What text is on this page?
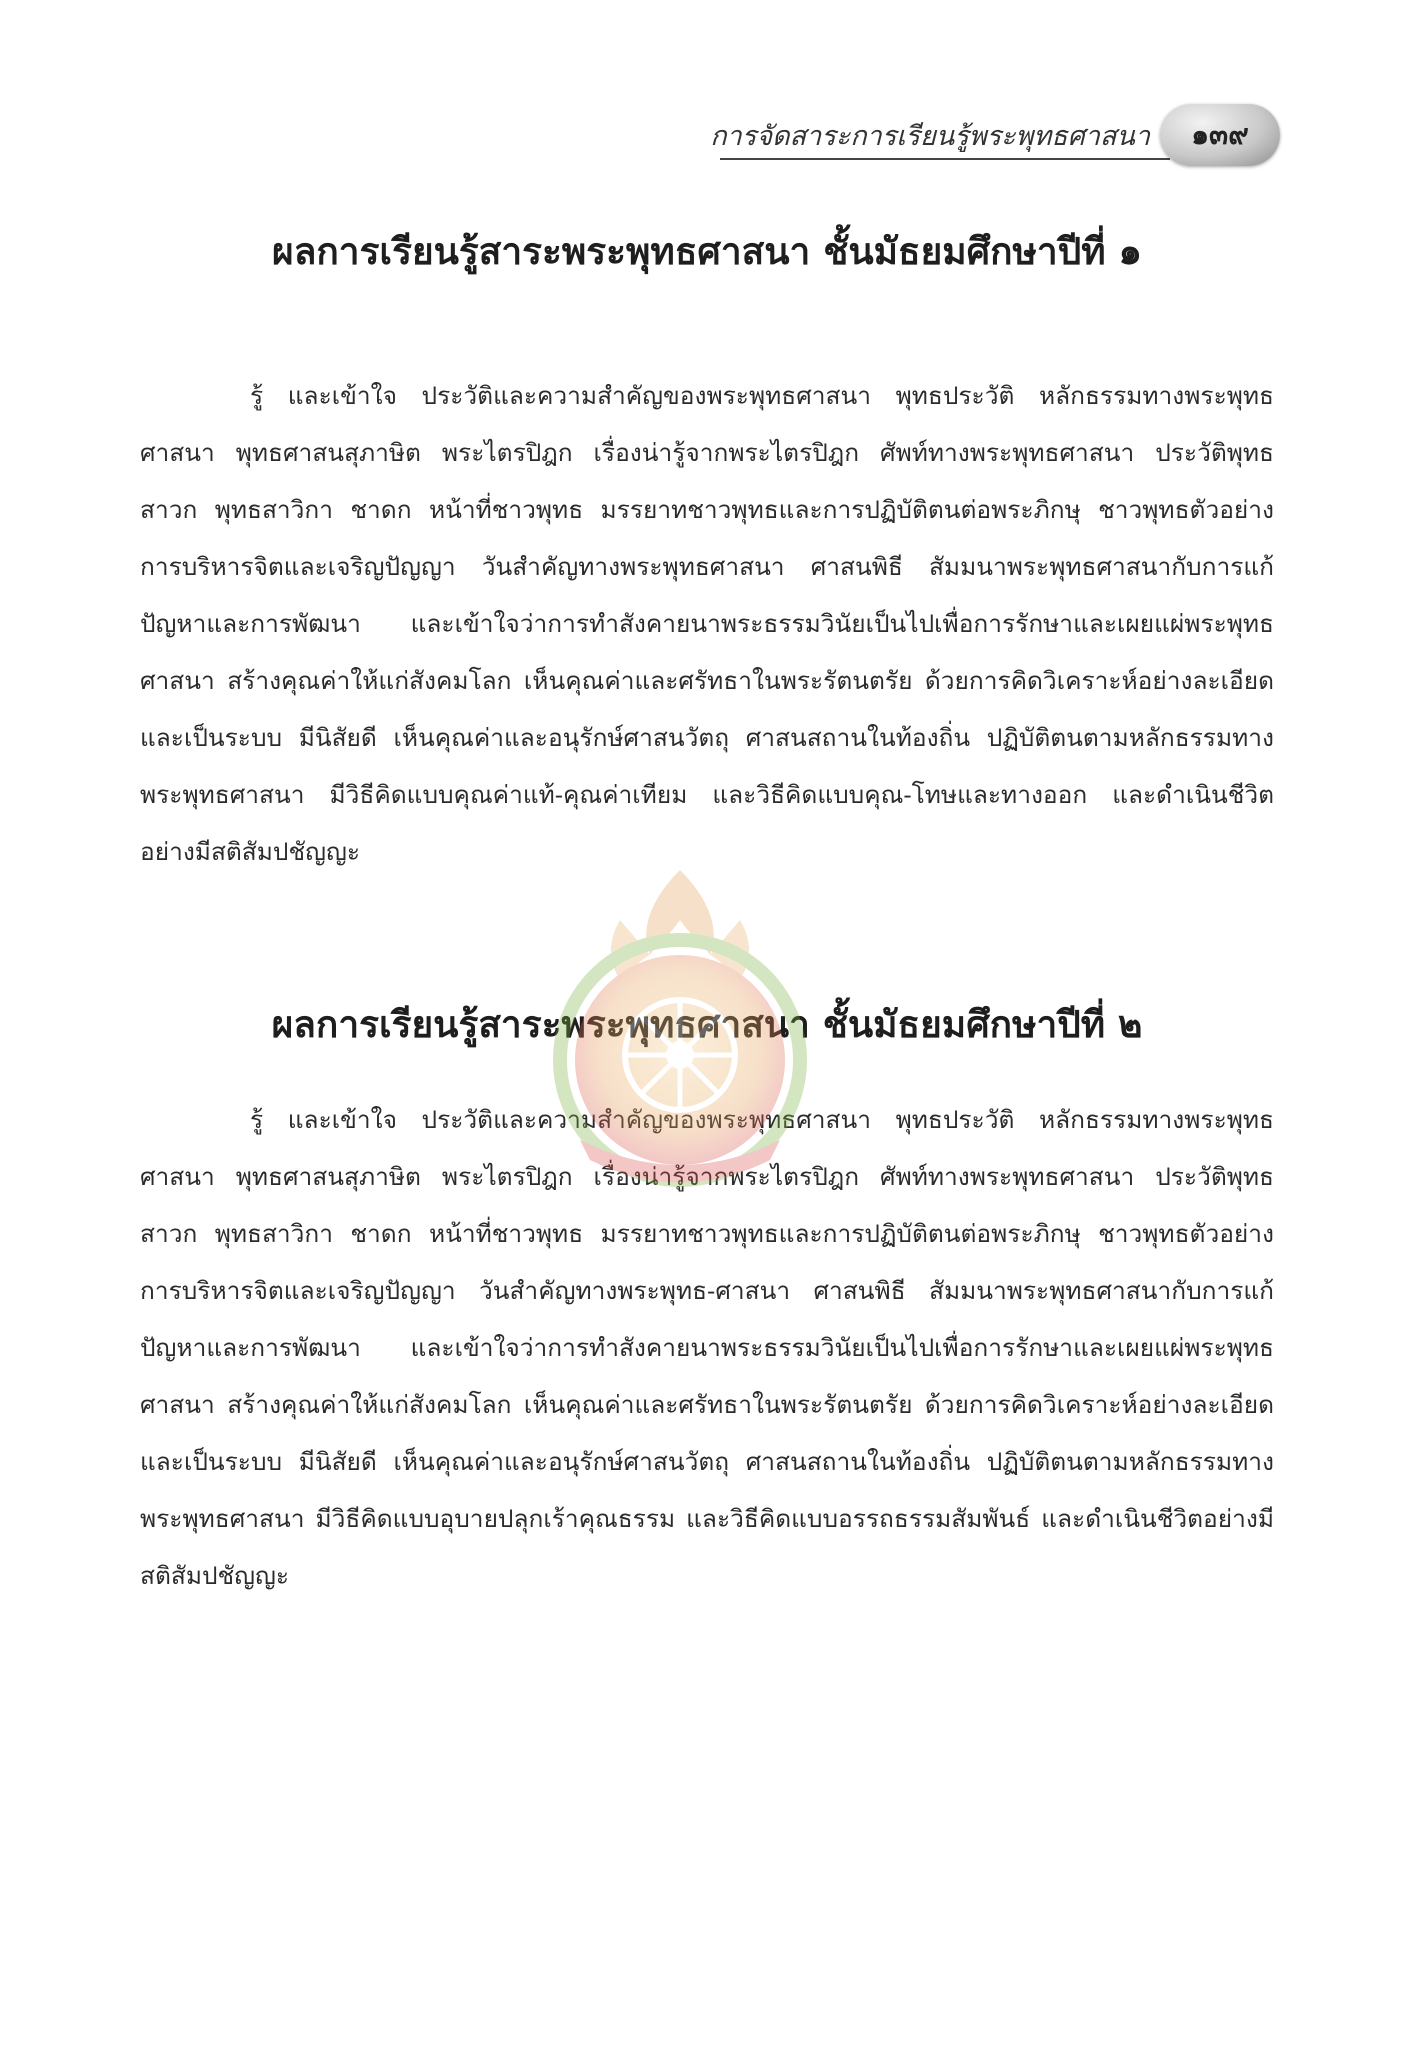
การจัดสาระการเรียนรู้พระพุทธศาสนา ๑๓๙
ผลการเรียนรู้สาระพระพุทธศาสนา ชั้นมัธยมศึกษาปีที่ ๑

รู้ และเข้าใจ ประวัติและความสำคัญของพระพุทธศาสนา พุทธประวัติ หลักธรรมทางพระพุทธศาสนา พุทธศาสนสุภาษิต พระไตรปิฎก เรื่องน่ารู้จากพระไตรปิฎก ศัพท์ทางพระพุทธศาสนา ประวัติพุทธสาวก พุทธสาวิกา ชาดก หน้าที่ชาวพุทธ มรรยาทชาวพุทธและการปฏิบัติตนต่อพระภิกษุ ชาวพุทธตัวอย่าง การบริหารจิตและเจริญปัญญา วันสำคัญทางพระพุทธศาสนา ศาสนพิธี สัมมนาพระพุทธศาสนากับการแก้ปัญหาและการพัฒนา และเข้าใจว่าการทำสังคายนาพระธรรมวินัยเป็นไปเพื่อการรักษาและเผยแผ่พระพุทธศาสนา สร้างคุณค่าให้แก่สังคมโลก เห็นคุณค่าและศรัทธาในพระรัตนตรัย ด้วยการคิดวิเคราะห์อย่างละเอียดและเป็นระบบ มีนิสัยดี เห็นคุณค่าและอนุรักษ์ศาสนวัตถุ ศาสนสถานในท้องถิ่น ปฏิบัติตนตามหลักธรรมทางพระพุทธศาสนา มีวิธีคิดแบบคุณค่าแท้-คุณค่าเทียม และวิธีคิดแบบคุณ-โทษและทางออก และดำเนินชีวิตอย่างมีสติสัมปชัญญะ

ผลการเรียนรู้สาระพระพุทธศาสนา ชั้นมัธยมศึกษาปีที่ ๒

รู้ และเข้าใจ ประวัติและความสำคัญของพระพุทธศาสนา พุทธประวัติ หลักธรรมทางพระพุทธศาสนา พุทธศาสนสุภาษิต พระไตรปิฎก เรื่องน่ารู้จากพระไตรปิฎก ศัพท์ทางพระพุทธศาสนา ประวัติพุทธสาวก พุทธสาวิกา ชาดก หน้าที่ชาวพุทธ มรรยาทชาวพุทธและการปฏิบัติตนต่อพระภิกษุ ชาวพุทธตัวอย่าง การบริหารจิตและเจริญปัญญา วันสำคัญทางพระพุทธ-ศาสนา ศาสนพิธี สัมมนาพระพุทธศาสนากับการแก้ปัญหาและการพัฒนา และเข้าใจว่าการทำสังคายนาพระธรรมวินัยเป็นไปเพื่อการรักษาและเผยแผ่พระพุทธศาสนา สร้างคุณค่าให้แก่สังคมโลก เห็นคุณค่าและศรัทธาในพระรัตนตรัย ด้วยการคิดวิเคราะห์อย่างละเอียดและเป็นระบบ มีนิสัยดี เห็นคุณค่าและอนุรักษ์ศาสนวัตถุ ศาสนสถานในท้องถิ่น ปฏิบัติตนตามหลักธรรมทางพระพุทธศาสนา มีวิธีคิดแบบอุบายปลุกเร้าคุณธรรม และวิธีคิดแบบอรรถธรรมสัมพันธ์ และดำเนินชีวิตอย่างมีสติสัมปชัญญะ
